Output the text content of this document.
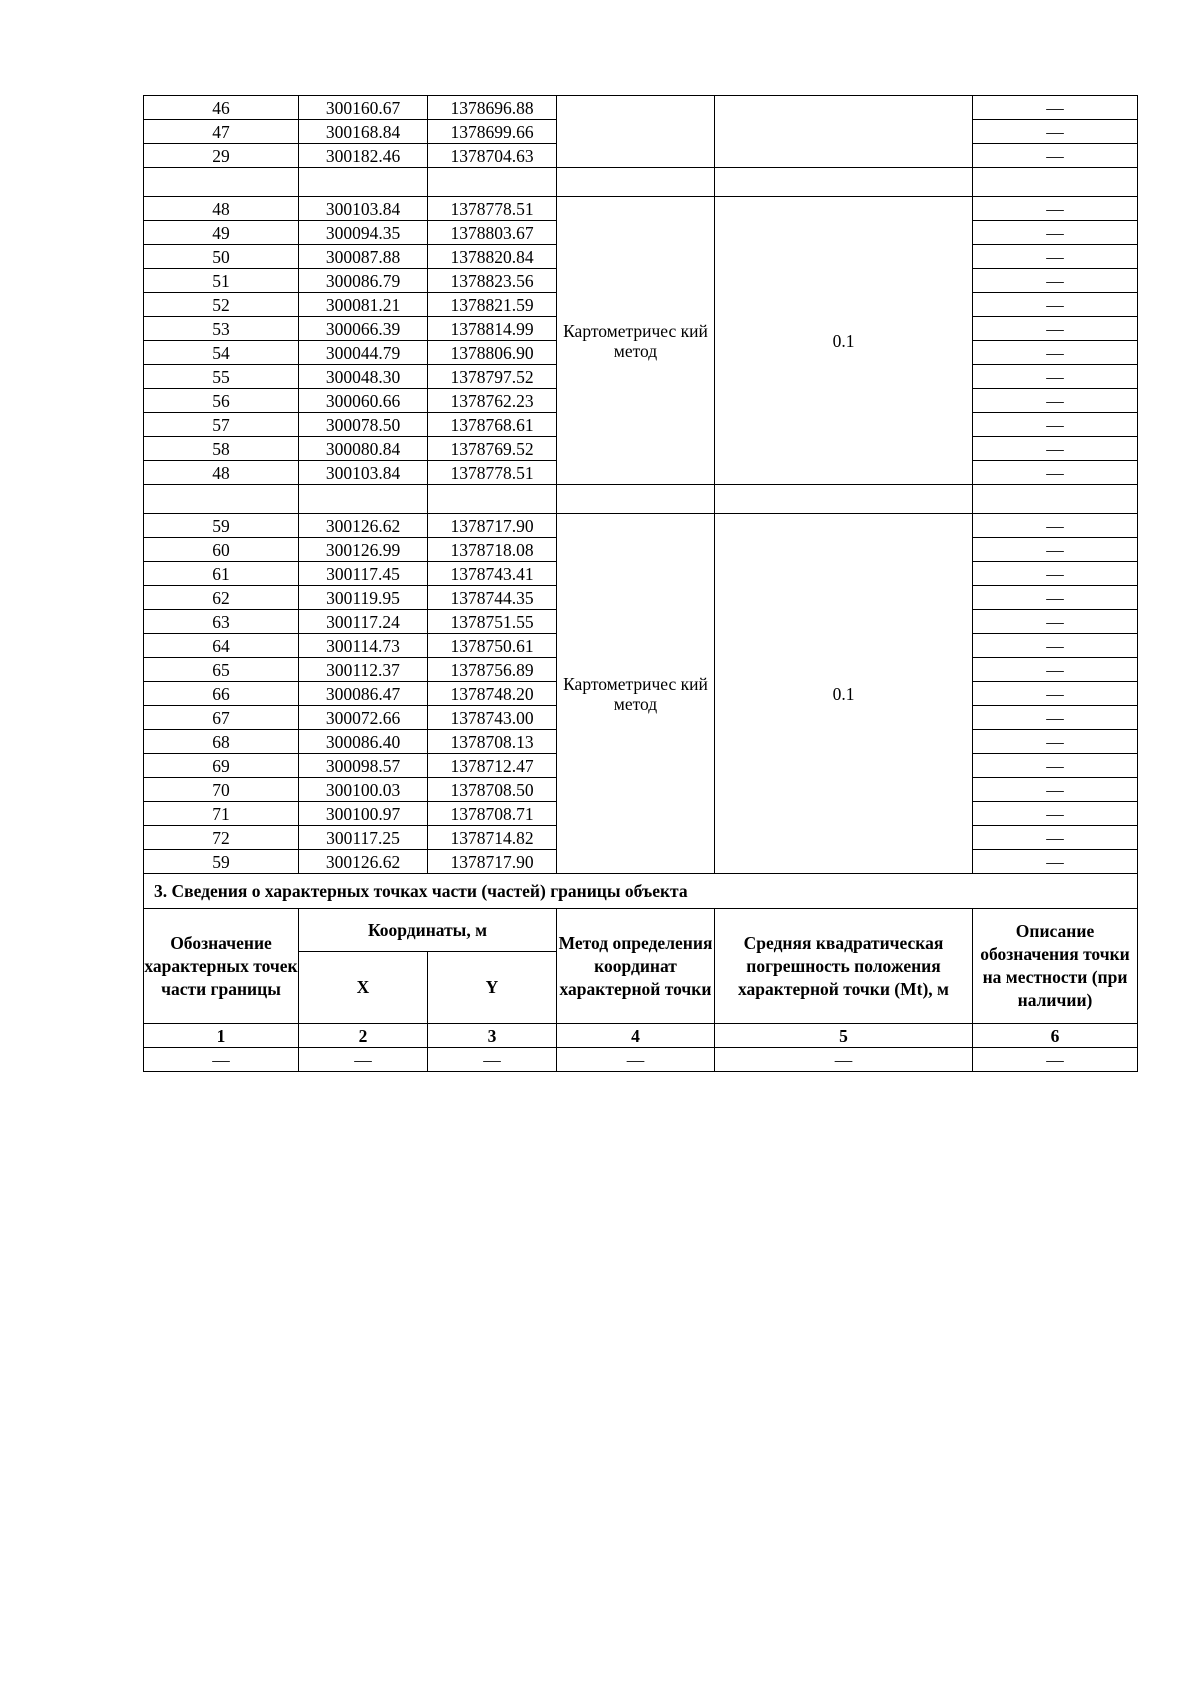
46	300160.67	1378696.88			—
47	300168.84	1378699.66			—
29	300182.46	1378704.63			—

48	300103.84	1378778.51	Картометричес кий метод	0.1	—
49	300094.35	1378803.67			—
50	300087.88	1378820.84			—
51	300086.79	1378823.56			—
52	300081.21	1378821.59			—
53	300066.39	1378814.99			—
54	300044.79	1378806.90			—
55	300048.30	1378797.52			—
56	300060.66	1378762.23			—
57	300078.50	1378768.61			—
58	300080.84	1378769.52			—
48	300103.84	1378778.51			—

59	300126.62	1378717.90	Картометричес кий метод	0.1	—
60	300126.99	1378718.08			—
61	300117.45	1378743.41			—
62	300119.95	1378744.35			—
63	300117.24	1378751.55			—
64	300114.73	1378750.61			—
65	300112.37	1378756.89			—
66	300086.47	1378748.20			—
67	300072.66	1378743.00			—
68	300086.40	1378708.13			—
69	300098.57	1378712.47			—
70	300100.03	1378708.50			—
71	300100.97	1378708.71			—
72	300117.25	1378714.82			—
59	300126.62	1378717.90			—
3. Сведения о характерных точках части (частей) границы объекта					
Обозначение характерных точек части границы	Координаты, м		Метод определения координат характерной точки	Средняя квадратическая погрешность положения характерной точки (Mt), м	Описание обозначения точки на местности (при наличии)
	X	Y			
1	2	3	4	5	6
—	—	—	—	—	—
